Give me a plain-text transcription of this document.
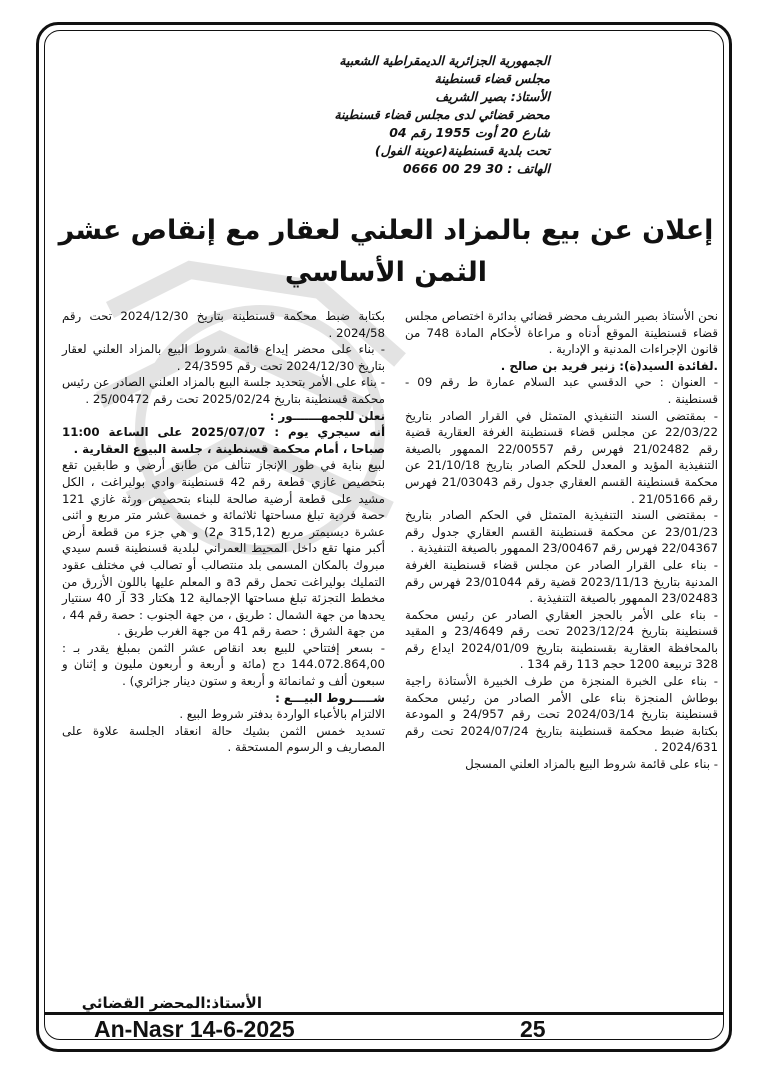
الجمهورية الجزائرية الديمقراطية الشعبية
مجلس قضاء قسنطينة
الأستاذ: بصير الشريف
محضر قضائي لدى مجلس قضاء قسنطينة
شارع 20 أوت 1955 رقم 04
تحت بلدية قسنطينة(عوينة الفول)
الهاتف : 30 29 00 0666
إعلان عن بيع بالمزاد العلني لعقار مع إنقاص عشر الثمن الأساسي

نحن الأستاذ بصير الشريف محضر قضائي بدائرة اختصاص مجلس قضاء قسنطينة الموقع أدناه و مراعاة لأحكام المادة 748 من قانون الإجراءات المدنية و الإدارية .

.لفائدة السيد(ة): زنير فريد بن صالح .

- العنوان : حي الدقسي عبد السلام عمارة ط رقم 09 - قسنطينة .

- بمقتضى السند التنفيذي المتمثل في القرار الصادر بتاريخ 22/03/22 عن مجلس قضاء قسنطينة الغرفة العقارية قضية رقم 21/02482 فهرس رقم 22/00557 الممهور بالصيغة التنفيذية المؤيد و المعدل للحكم الصادر بتاريخ 21/10/18 عن محكمة قسنطينة القسم العقاري جدول رقم 21/03043 فهرس رقم 21/05166 .

- بمقتضى السند التنفيذية المتمثل في الحكم الصادر بتاريخ 23/01/23 عن محكمة قسنطينة القسم العقاري جدول رقم 22/04367 فهرس رقم 23/00467 الممهور بالصيغة التنفيذية .

- بناء على القرار الصادر عن مجلس قضاء قسنطينة الغرفة المدنية بتاريخ 2023/11/13 قضية رقم 23/01044 فهرس رقم 23/02483 الممهور بالصيغة التنفيذية .

- بناء على الأمر بالحجز العقاري الصادر عن رئيس محكمة قسنطينة بتاريخ 2023/12/24 تحت رقم 23/4649 و المقيد بالمحافظة العقارية بقسنطينة بتاريخ 2024/01/09 ايداع رقم 328 تربيعة 1200 حجم 113 رقم 134 .

- بناء على الخبرة المنجزة من طرف الخبيرة الأستاذة راجية بوطاش المنجزة بناء على الأمر الصادر من رئيس محكمة قسنطينة بتاريخ 2024/03/14 تحت رقم 24/957 و المودعة بكتابة ضبط محكمة قسنطينة بتاريخ 2024/07/24 تحت رقم 2024/631 .

- بناء على قائمة شروط البيع بالمزاد العلني المسجل

بكتابة ضبط محكمة قسنطينة بتاريخ 2024/12/30 تحت رقم 2024/58 .

- بناء على محضر إيداع قائمة شروط البيع بالمزاد العلني لعقار بتاريخ 2024/12/30 تحت رقم 24/3595 .

- بناء على الأمر بتحديد جلسة البيع بالمزاد العلني الصادر عن رئيس محكمة قسنطينة بتاريخ 2025/02/24 تحت رقم 25/00472 .

نعلن للجمهـــــــور :

أنه سيجري يوم : 2025/07/07 على الساعة 11:00 صباحا ، أمام محكمة قسنطينة ، جلسة البيوع العقارية .

لبيع بناية في طور الإنجاز تتألف من طابق أرضي و طابقين تقع بتحصيص غازي قطعة رقم 42 قسنطينة وادي بوليراغت ، الكل مشيد على قطعة أرضية صالحة للبناء بتحصيص ورثة غازي 121 حصة فردية تبلغ مساحتها ثلاثمائة و خمسة عشر متر مربع و اثنى عشرة ديسيمتر مربع (315,12 م2) و هي جزء من قطعة أرض أكبر منها تقع داخل المحيط العمراني لبلدية قسنطينة قسم سيدي مبروك بالمكان المسمى بلد منتصالب أو تصالب في مختلف عقود التمليك بوليراغت تحمل رقم a3 و المعلم عليها باللون الأزرق من مخطط التجزئة تبلغ مساحتها الإجمالية 12 هكتار 33 آر 40 سنتيار يحدها من جهة الشمال : طريق ، من جهة الجنوب : حصة رقم 44 ، من جهة الشرق : حصة رقم 41 من جهة الغرب طريق .

- بسعر إفتتاحي للبيع بعد انقاص عشر الثمن بمبلغ يقدر بـ : 144.072.864,00 دج (مائة و أربعة و أربعون مليون و إثنان و سبعون ألف و ثمانمائة و أربعة و ستون دينار جزائري) .

شـــــروط البيـــع :

الالتزام بالأعباء الواردة بدفتر شروط البيع .

تسديد خمس الثمن بشيك حالة انعقاد الجلسة علاوة على المصاريف و الرسوم المستحقة .

الأستاذ:المحضر القضائي
An-Nasr 14-6-2025	25
